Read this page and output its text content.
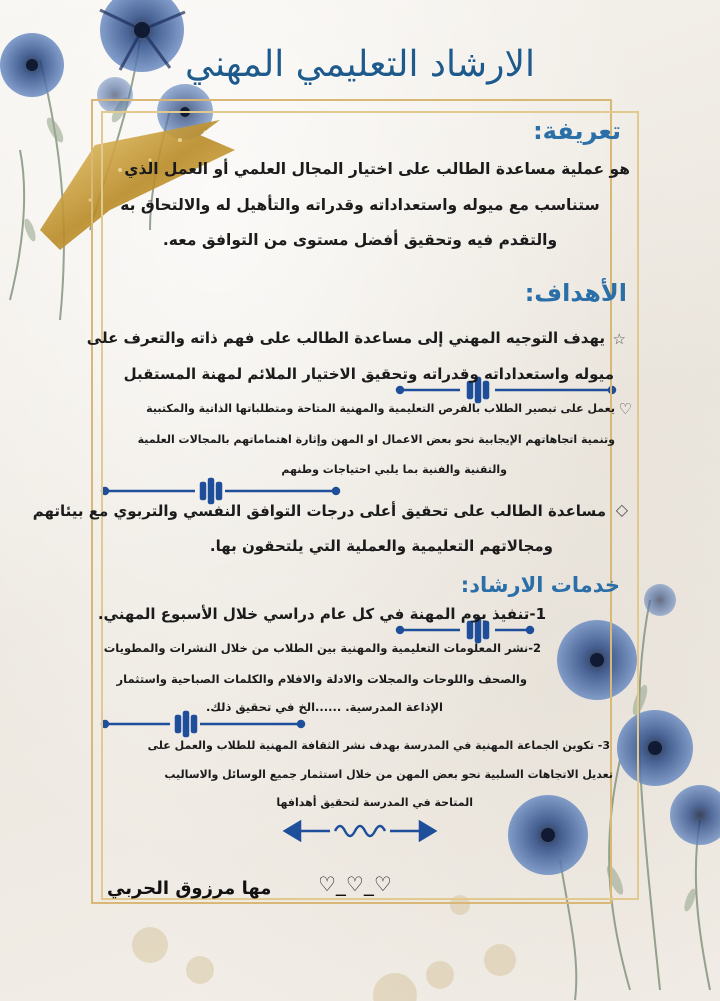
الارشاد التعليمي المهني
تعريفة:
هو عملية مساعدة الطالب على اختيار المجال العلمي أو العمل الذي
ستناسب مع ميوله واستعداداته وقدراته والتأهيل له والالتحاق به
والتقدم فيه وتحقيق أفضل مستوى من التوافق معه.
الأهداف:
☆
يهدف التوجيه المهني إلى مساعدة الطالب على فهم ذاته والتعرف على
ميوله واستعداداته وقدراته وتحقيق الاختيار الملائم لمهنة المستقبل
♡
يعمل على تبصير الطلاب بالفرص التعليمية والمهنية المتاحة ومتطلباتها الذاتية والمكتبية
وتنمية اتجاهاتهم الإيجابية نحو بعض الاعمال او المهن وإثارة اهتماماتهم بالمجالات العلمية
والتقنية والفنية بما يلبي احتياجات وطنهم
◇
مساعدة الطالب على تحقيق أعلى درجات التوافق النفسي والتربوي مع بيئاتهم
ومجالاتهم التعليمية والعملية التي يلتحقون بها.
خدمات الارشاد:
1-تنفيذ يوم المهنة في كل عام دراسي خلال الأسبوع المهني.
2-نشر المعلومات التعليمية والمهنية بين الطلاب من خلال النشرات والمطويات
والصحف واللوحات والمجلات والادلة والافلام والكلمات الصباحية واستثمار
الإذاعة المدرسية. ......الخ في تحقيق ذلك.
3- تكوين الجماعة المهنية في المدرسة بهدف نشر الثقافة المهنية للطلاب والعمل على
تعديل الاتجاهات السلبية نحو بعض المهن من خلال استثمار جميع الوسائل والاساليب
المتاحة في المدرسة لتحقيق أهدافها
مها مرزوق الحربي ♡_♡_♡
